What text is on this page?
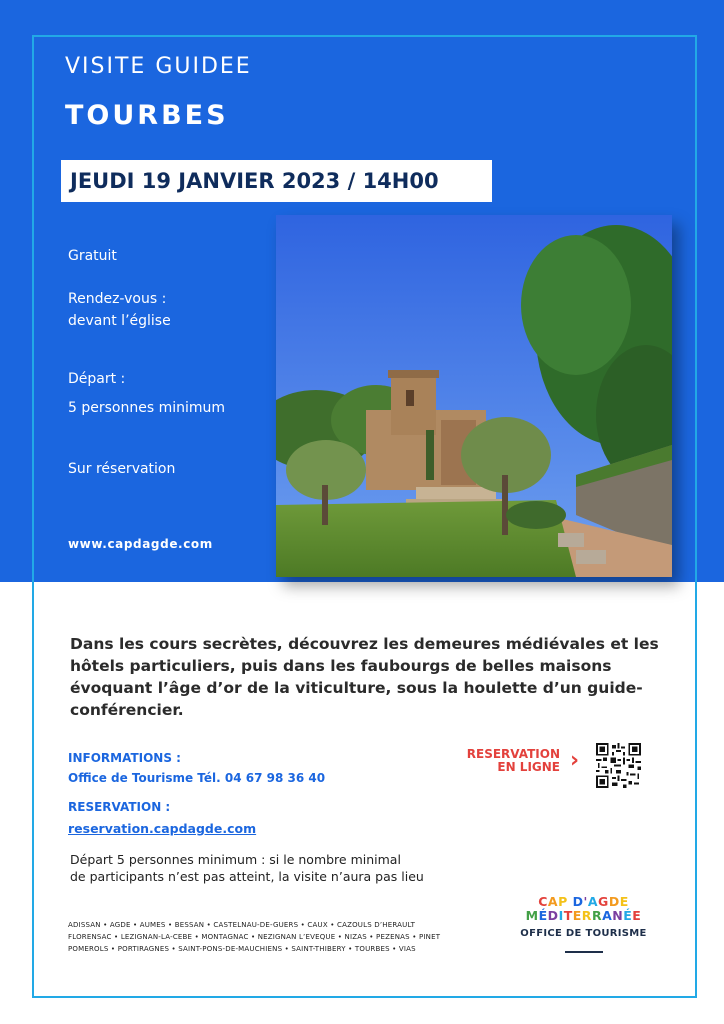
VISITE GUIDEE
TOURBES
JEUDI 19 JANVIER 2023 / 14H00
Gratuit
Rendez-vous :
devant l’église
Départ :
5 personnes minimum
Sur réservation
www.capdagde.com
Dans les cours secrètes, découvrez les demeures médiévales et les hôtels particuliers, puis dans les faubourgs de belles maisons évoquant l’âge d’or de la viticulture, sous la houlette d’un guide-conférencier.
INFORMATIONS :
Office de Tourisme Tél. 04 67 98 36 40
RESERVATION :
reservation.capdagde.com
Départ 5 personnes minimum : si le nombre minimal
de participants n’est pas atteint, la visite n’aura pas lieu
RESERVATION
EN LIGNE ›
ADISSAN • AGDE • AUMES • BESSAN • CASTELNAU-DE-GUERS • CAUX • CAZOULS D’HERAULT
FLORENSAC • LEZIGNAN-LA-CEBE • MONTAGNAC • NEZIGNAN L’EVEQUE • NIZAS • PEZENAS • PINET
POMEROLS • PORTIRAGNES • SAINT-PONS-DE-MAUCHIENS • SAINT-THIBERY • TOURBES • VIAS
CAP D'AGDE
MÉDITERRANÉE
OFFICE DE TOURISME
